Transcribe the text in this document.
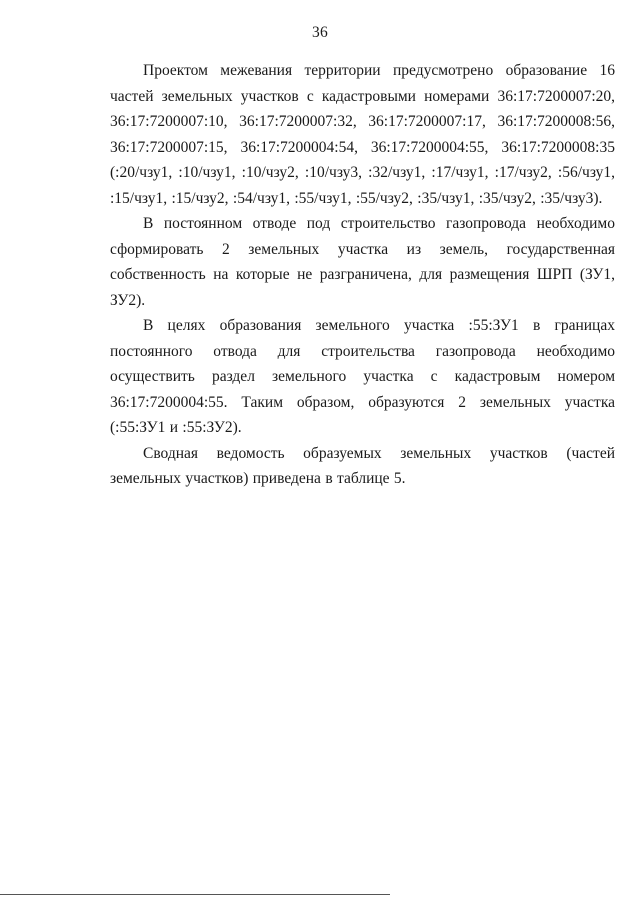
36

Проектом межевания территории предусмотрено образование 16 частей земельных участков с кадастровыми номерами 36:17:7200007:20, 36:17:7200007:10, 36:17:7200007:32, 36:17:7200007:17, 36:17:7200008:56, 36:17:7200007:15, 36:17:7200004:54, 36:17:7200004:55, 36:17:7200008:35 (:20/чзу1, :10/чзу1, :10/чзу2, :10/чзу3, :32/чзу1, :17/чзу1, :17/чзу2, :56/чзу1, :15/чзу1, :15/чзу2, :54/чзу1, :55/чзу1, :55/чзу2, :35/чзу1, :35/чзу2, :35/чзу3).

В постоянном отводе под строительство газопровода необходимо сформировать 2 земельных участка из земель, государственная собственность на которые не разграничена, для размещения ШРП (ЗУ1, ЗУ2).

В целях образования земельного участка :55:ЗУ1 в границах постоянного отвода для строительства газопровода необходимо осуществить раздел земельного участка с кадастровым номером 36:17:7200004:55. Таким образом, образуются 2 земельных участка (:55:ЗУ1 и :55:ЗУ2).

Сводная ведомость образуемых земельных участков (частей земельных участков) приведена в таблице 5.
